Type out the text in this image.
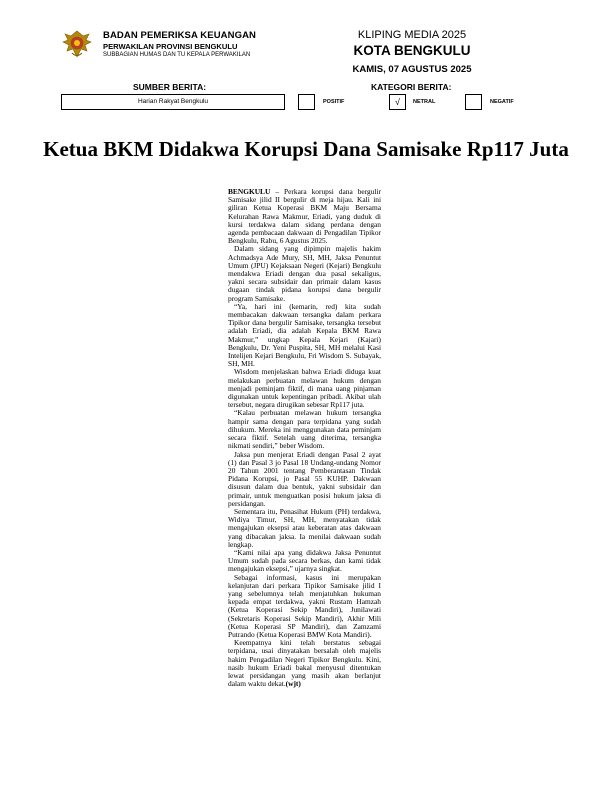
BADAN PEMERIKSA KEUANGAN
PERWAKILAN PROVINSI BENGKULU
SUBBAGIAN HUMAS DAN TU KEPALA PERWAKILAN
KLIPING MEDIA 2025
KOTA BENGKULU
KAMIS, 07 AGUSTUS 2025
SUMBER BERITA:	KATEGORI BERITA:
Harian Rakyat Bengkulu	POSITIF	√	NETRAL	NEGATIF
Ketua BKM Didakwa Korupsi Dana Samisake Rp117 Juta

BENGKULU – Perkara korupsi dana bergulir Samisake jilid II bergulir di meja hijau. Kali ini giliran Ketua Koperasi BKM Maju Bersama Kelurahan Rawa Makmur, Eriadi, yang duduk di kursi terdakwa dalam sidang perdana dengan agenda pembacaan dakwaan di Pengadilan Tipikor Bengkulu, Rabu, 6 Agustus 2025.

Dalam sidang yang dipimpin majelis hakim Achmadsya Ade Mury, SH, MH, Jaksa Penuntut Umum (JPU) Kejaksaan Negeri (Kejari) Bengkulu mendakwa Eriadi dengan dua pasal sekaligus, yakni secara subsidair dan primair dalam kasus dugaan tindak pidana korupsi dana bergulir program Samisake.

“Ya, hari ini (kemarin, red) kita sudah membacakan dakwaan tersangka dalam perkara Tipikor dana bergulir Samisake, tersangka tersebut adalah Eriadi, dia adalah Kepala BKM Rawa Makmur,” ungkap Kepala Kejari (Kajari) Bengkulu, Dr. Yeni Puspita, SH, MH melalui Kasi Intelijen Kejari Bengkulu, Fri Wisdom S. Subayak, SH, MH.

Wisdom menjelaskan bahwa Eriadi diduga kuat melakukan perbuatan melawan hukum dengan menjadi peminjam fiktif, di mana uang pinjaman digunakan untuk kepentingan pribadi. Akibat ulah tersebut, negara dirugikan sebesar Rp117 juta.

“Kalau perbuatan melawan hukum tersangka hampir sama dengan para terpidana yang sudah dihukum. Mereka ini menggunakan data peminjam secara fiktif. Setelah uang diterima, tersangka nikmati sendiri,” beber Wisdom.

Jaksa pun menjerat Eriadi dengan Pasal 2 ayat (1) dan Pasal 3 jo Pasal 18 Undang-undang Nomor 20 Tahun 2001 tentang Pemberantasan Tindak Pidana Korupsi, jo Pasal 55 KUHP. Dakwaan disusun dalam dua bentuk, yakni subsidair dan primair, untuk menguatkan posisi hukum jaksa di persidangan.

Sementara itu, Penasihat Hukum (PH) terdakwa, Widiya Timur, SH, MH, menyatakan tidak mengajukan eksepsi atau keberatan atas dakwaan yang dibacakan jaksa. Ia menilai dakwaan sudah lengkap.

“Kami nilai apa yang didakwa Jaksa Penuntut Umum sudah pada secara berkas, dan kami tidak mengajukan eksepsi,” ujarnya singkat.

Sebagai informasi, kasus ini merupakan kelanjutan dari perkara Tipikor Samisake jilid I yang sebelumnya telah menjatuhkan hukuman kepada empat terdakwa, yakni Rustam Hamzah (Ketua Koperasi Sekip Mandiri), Junilawati (Sekretaris Koperasi Sekip Mandiri), Akhir Mili (Ketua Koperasi SP Mandiri), dan Zamzami Putrando (Ketua Koperasi BMW Kota Mandiri).

Keempatnya kini telah berstatus sebagai terpidana, usai dinyatakan bersalah oleh majelis hakim Pengadilan Negeri Tipikor Bengkulu. Kini, nasib hukum Eriadi bakal menyusul ditentukan lewat persidangan yang masih akan berlanjut dalam waktu dekat.(wjt)
